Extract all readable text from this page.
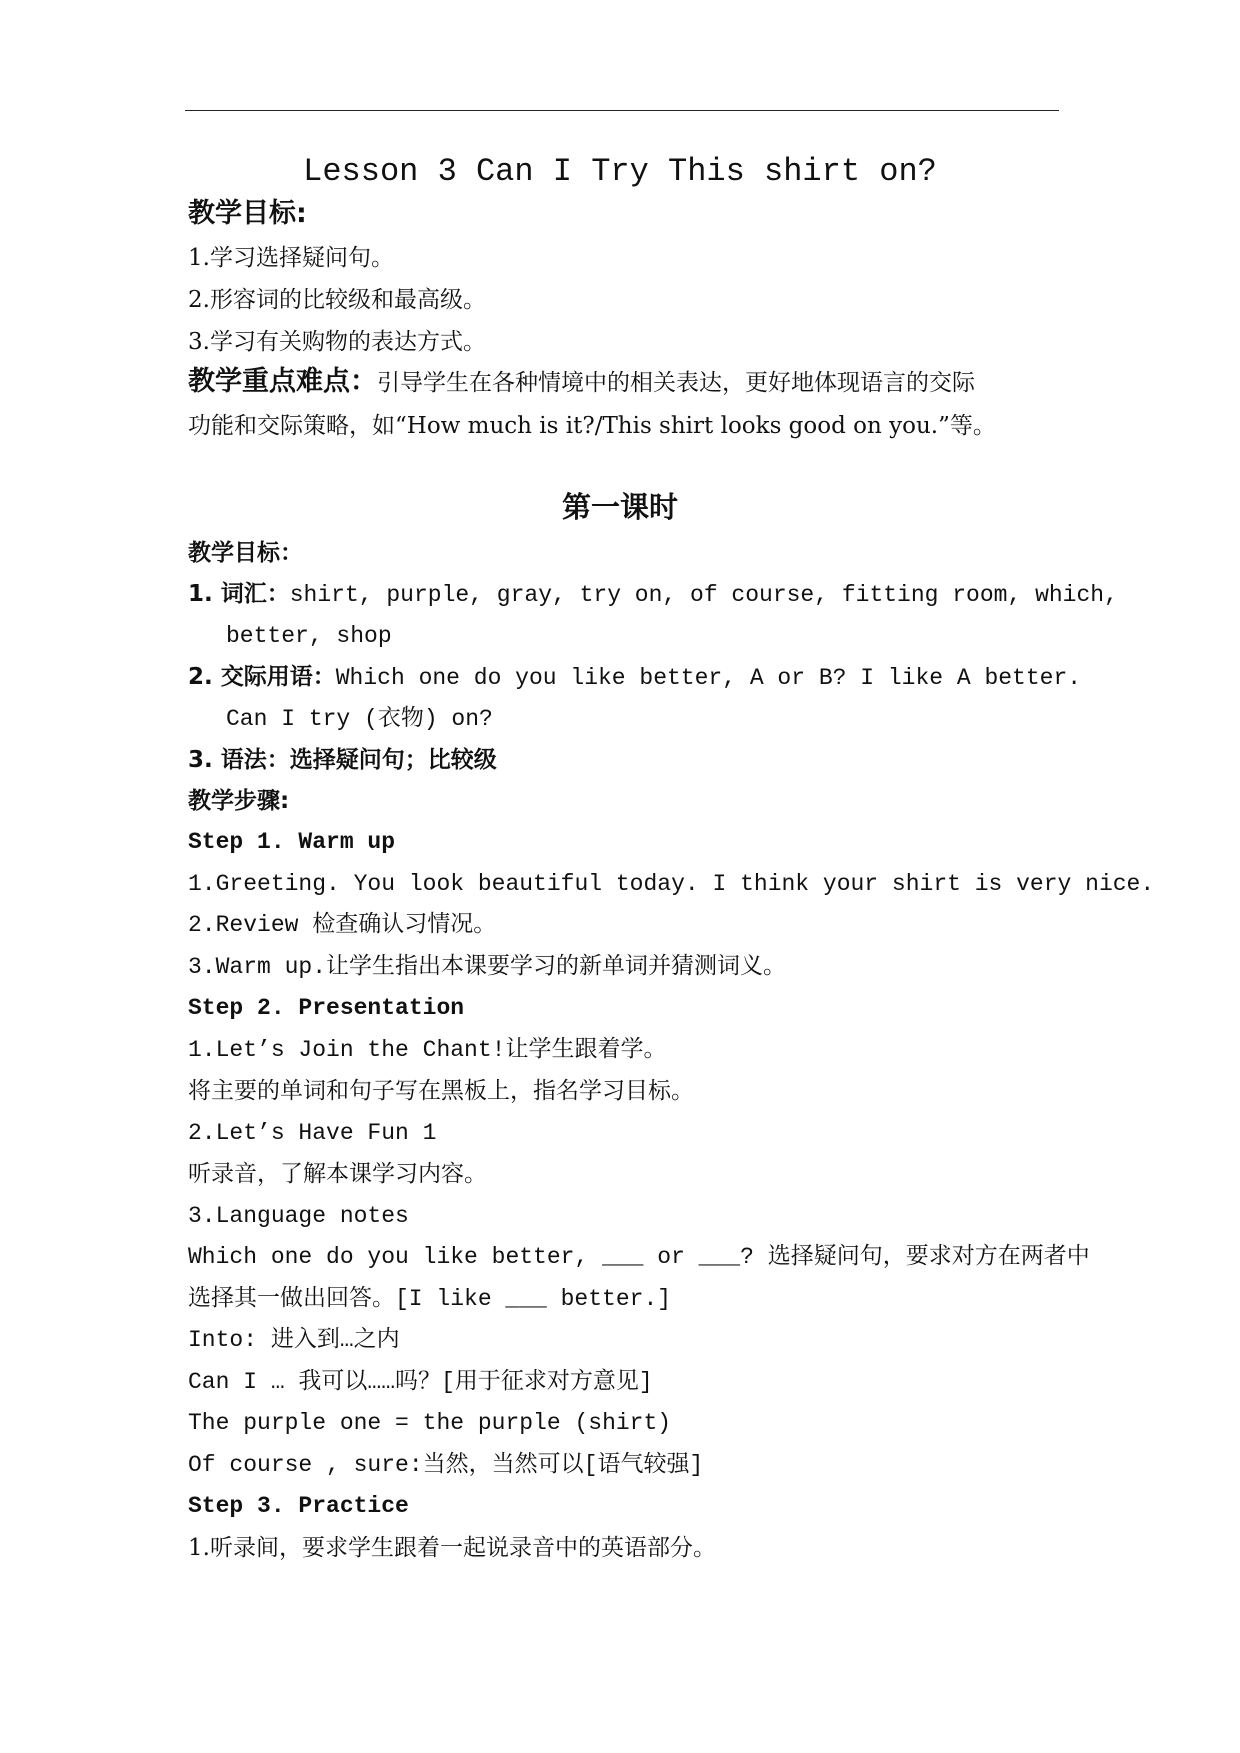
Lesson 3 Can I Try This shirt on?
教学目标:
1.学习选择疑问句。
2.形容词的比较级和最高级。
3.学习有关购物的表达方式。
教学重点难点：引导学生在各种情境中的相关表达，更好地体现语言的交际
功能和交际策略，如“How much is it?/This shirt looks good on you.”等。
第一课时
教学目标：
1. 词汇：shirt, purple, gray, try on, of course, fitting room, which,
better, shop
2. 交际用语：Which one do you like better, A or B? I like A better.
Can I try (衣物) on?
3. 语法：选择疑问句；比较级
教学步骤:
Step 1. Warm up
1.Greeting. You look beautiful today. I think your shirt is very nice.
2.Review 检查确认习情况。
3.Warm up.让学生指出本课要学习的新单词并猜测词义。
Step 2. Presentation
1.Let’s Join the Chant!让学生跟着学。
将主要的单词和句子写在黑板上，指名学习目标。
2.Let’s Have Fun 1
听录音，了解本课学习内容。
3.Language notes
Which one do you like better, ___ or ___? 选择疑问句，要求对方在两者中
选择其一做出回答。[I like ___ better.]
Into: 进入到…之内
Can I … 我可以……吗？[用于征求对方意见]
The purple one = the purple (shirt)
Of course , sure:当然，当然可以[语气较强]
Step 3. Practice
1.听录间，要求学生跟着一起说录音中的英语部分。
